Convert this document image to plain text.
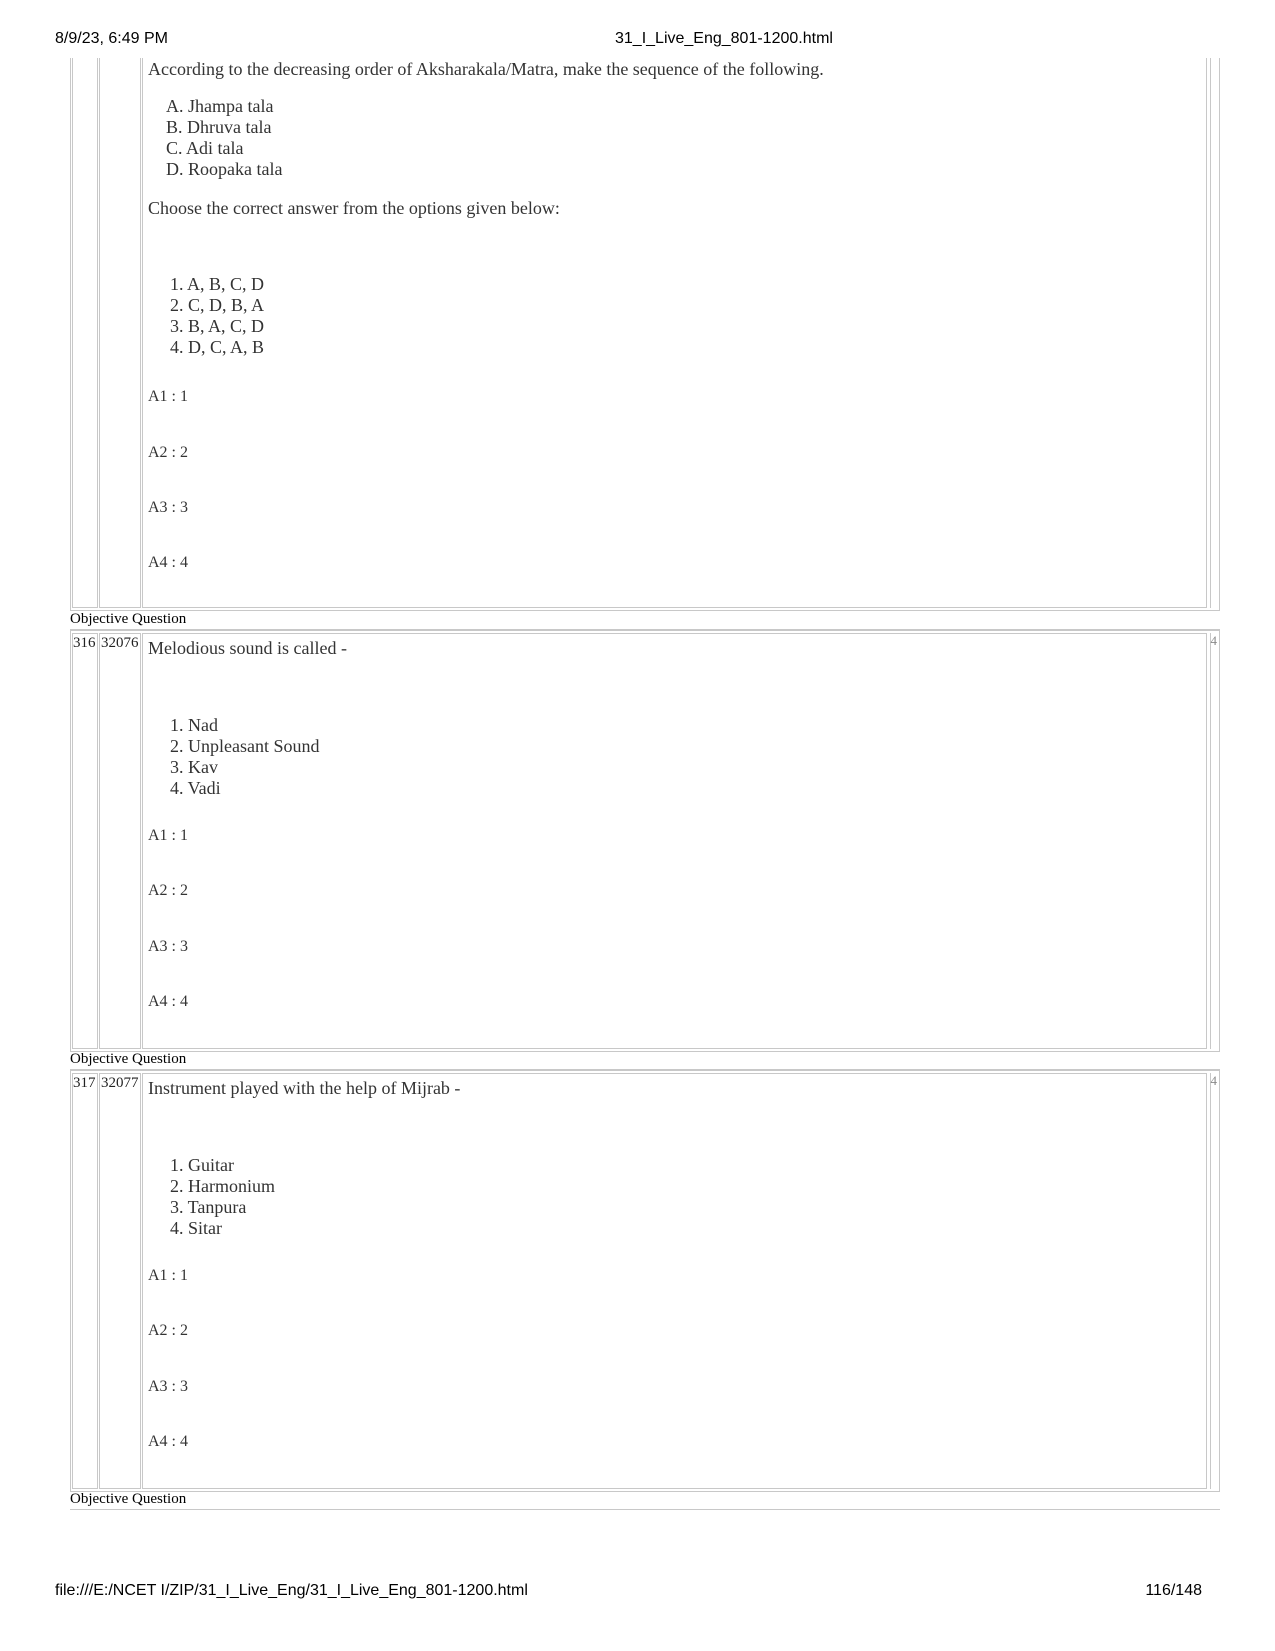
8/9/23, 6:49 PM	31_I_Live_Eng_801-1200.html

According to the decreasing order of Aksharakala/Matra, make the sequence of the following.

A. Jhampa tala
B. Dhruva tala
C. Adi tala
D. Roopaka tala

Choose the correct answer from the options given below:

1. A, B, C, D
2. C, D, B, A
3. B, A, C, D
4. D, C, A, B
A1 : 1
A2 : 2
A3 : 3
A4 : 4
Objective Question
316 32076	4

Melodious sound is called -

1. Nad
2. Unpleasant Sound
3. Kav
4. Vadi
A1 : 1
A2 : 2
A3 : 3
A4 : 4
Objective Question
317 32077	4

Instrument played with the help of Mijrab -

1. Guitar
2. Harmonium
3. Tanpura
4. Sitar
A1 : 1
A2 : 2
A3 : 3
A4 : 4
Objective Question
file:///E:/NCET I/ZIP/31_I_Live_Eng/31_I_Live_Eng_801-1200.html	116/148
